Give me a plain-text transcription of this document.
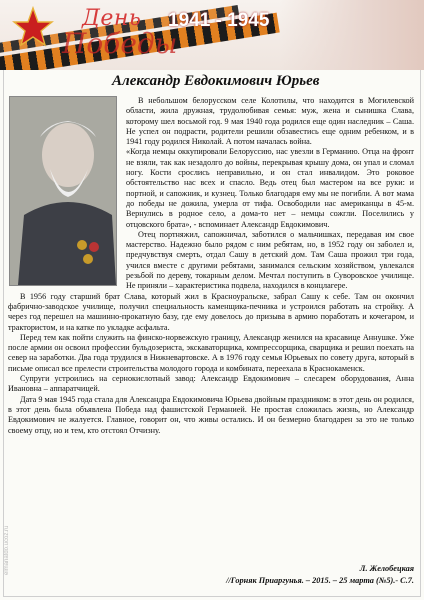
День
Победы
1941 - 1945
Александр Евдокимович Юрьев

В небольшом белорусском селе Колотилы, что находится в Могилевской области, жила дружная, трудолюбивая семья: муж, жена и сынишка Слава, которому шел восьмой год. 9 мая 1940 года родился еще один наследник – Саша. Не успел он подрасти, родители решили обзавестись еще одним ребенком, и в 1941 году родился Николай. А потом началась война.

«Когда немцы оккупировали Белоруссию, нас увезли в Германию. Отца на фронт не взяли, так как незадолго до войны, перекрывая крышу дома, он упал и сломал ногу. Кости срослись неправильно, и он стал инвалидом. Это роковое обстоятельство нас всех и спасло. Ведь отец был мастером на все руки: и портной, и сапожник, и кузнец. Только благодаря ему мы не погибли. А вот мама до победы не дожила, умерла от тифа. Освободили нас американцы в 45-м. Вернулись в родное село, а дома-то нет – немцы сожгли. Поселились у отцовского брата», - вспоминает Александр Евдокимович.

Отец портняжил, сапожничал, заботился о мальчишках, передавая им свое мастерство. Надежно было рядом с ним ребятам, но, в 1952 году он заболел и, предчувствуя смерть, отдал Сашу в детский дом. Там Саша прожил три года, учился вместе с другими ребятами, занимался сельским хозяйством, увлекался резьбой по дереву, токарным делом. Мечтал поступить в Суворовское училище. Не приняли – характеристика подвела, находился в концлагере.

В 1956 году старший брат Слава, который жил в Красноуральске, забрал Сашу к себе. Там он окончил фабрично-заводское училище, получил специальность каменщика-печника и устроился работать на стройку. А через год перешел на машинно-прокатную базу, где ему довелось до призыва в армию поработать и кочегаром, и трактористом, и на катке по укладке асфальта.

Перед тем как пойти служить на финско-норвежскую границу, Александр женился на красавице Аннушке. Уже после армии он освоил профессии бульдозериста, экскаваторщика, компрессорщика, сварщика и решил поехать на север на заработки. Два года трудился в Нижневартовске. А в 1976 году семья Юрьевых по совету друга, который в письме описал все прелести строительства молодого города и комбината, переехала в Краснокаменск.

Супруги устроились на сернокислотный завод: Александр Евдокимович – слесарем оборудования, Анна Ивановна – аппаратчицей.

Дата 9 мая 1945 года стала для Александра Евдокимовича Юрьева двойным праздником: в этот день он родился, в этот день была объявлена Победа над фашистской Германией. Не простая сложилась жизнь, но Александр Евдокимович не жалуется. Главное, говорит он, что живы остались. И он безмерно благодарен за это не только своему отцу, но и тем, кто отстоял Отчизну.

Л. Желобецкая
//Горняк Приаргунья. – 2015. – 25 марта (№5).- С.7.
elmanatdo.ucoz.ru
